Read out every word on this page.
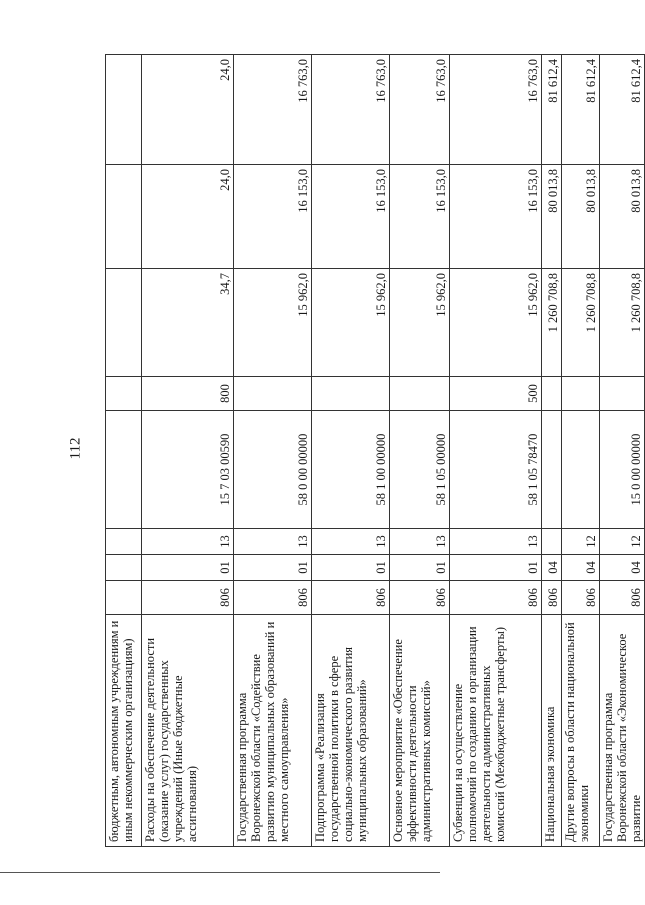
112
бюджетным, автономным учреждениям и иным некоммерческим организациям)								
Расходы на обеспечение деятельности (оказание услуг) государственных учреждений (Иные бюджетные ассигнования)	806	01	13	15 7 03 00590	800	34,7	24,0	24,0
Государственная программа Воронежской области «Содействие развитию муниципальных образований и местного самоуправления»	806	01	13	58 0 00 00000		15 962,0	16 153,0	16 763,0
Подпрограмма «Реализация государственной политики в сфере социально-экономического развития муниципальных образований»	806	01	13	58 1 00 00000		15 962,0	16 153,0	16 763,0
Основное мероприятие «Обеспечение эффективности деятельности административных комиссий»	806	01	13	58 1 05 00000		15 962,0	16 153,0	16 763,0
Субвенции на осуществление полномочий по созданию и организации деятельности административных комиссий (Межбюджетные трансферты)	806	01	13	58 1 05 78470	500	15 962,0	16 153,0	16 763,0
Национальная экономика	806	04				1 260 708,8	80 013,8	81 612,4
Другие вопросы в области национальной экономики	806	04	12			1 260 708,8	80 013,8	81 612,4
Государственная программа Воронежской области «Экономическое развитие	806	04	12	15 0 00 00000		1 260 708,8	80 013,8	81 612,4
